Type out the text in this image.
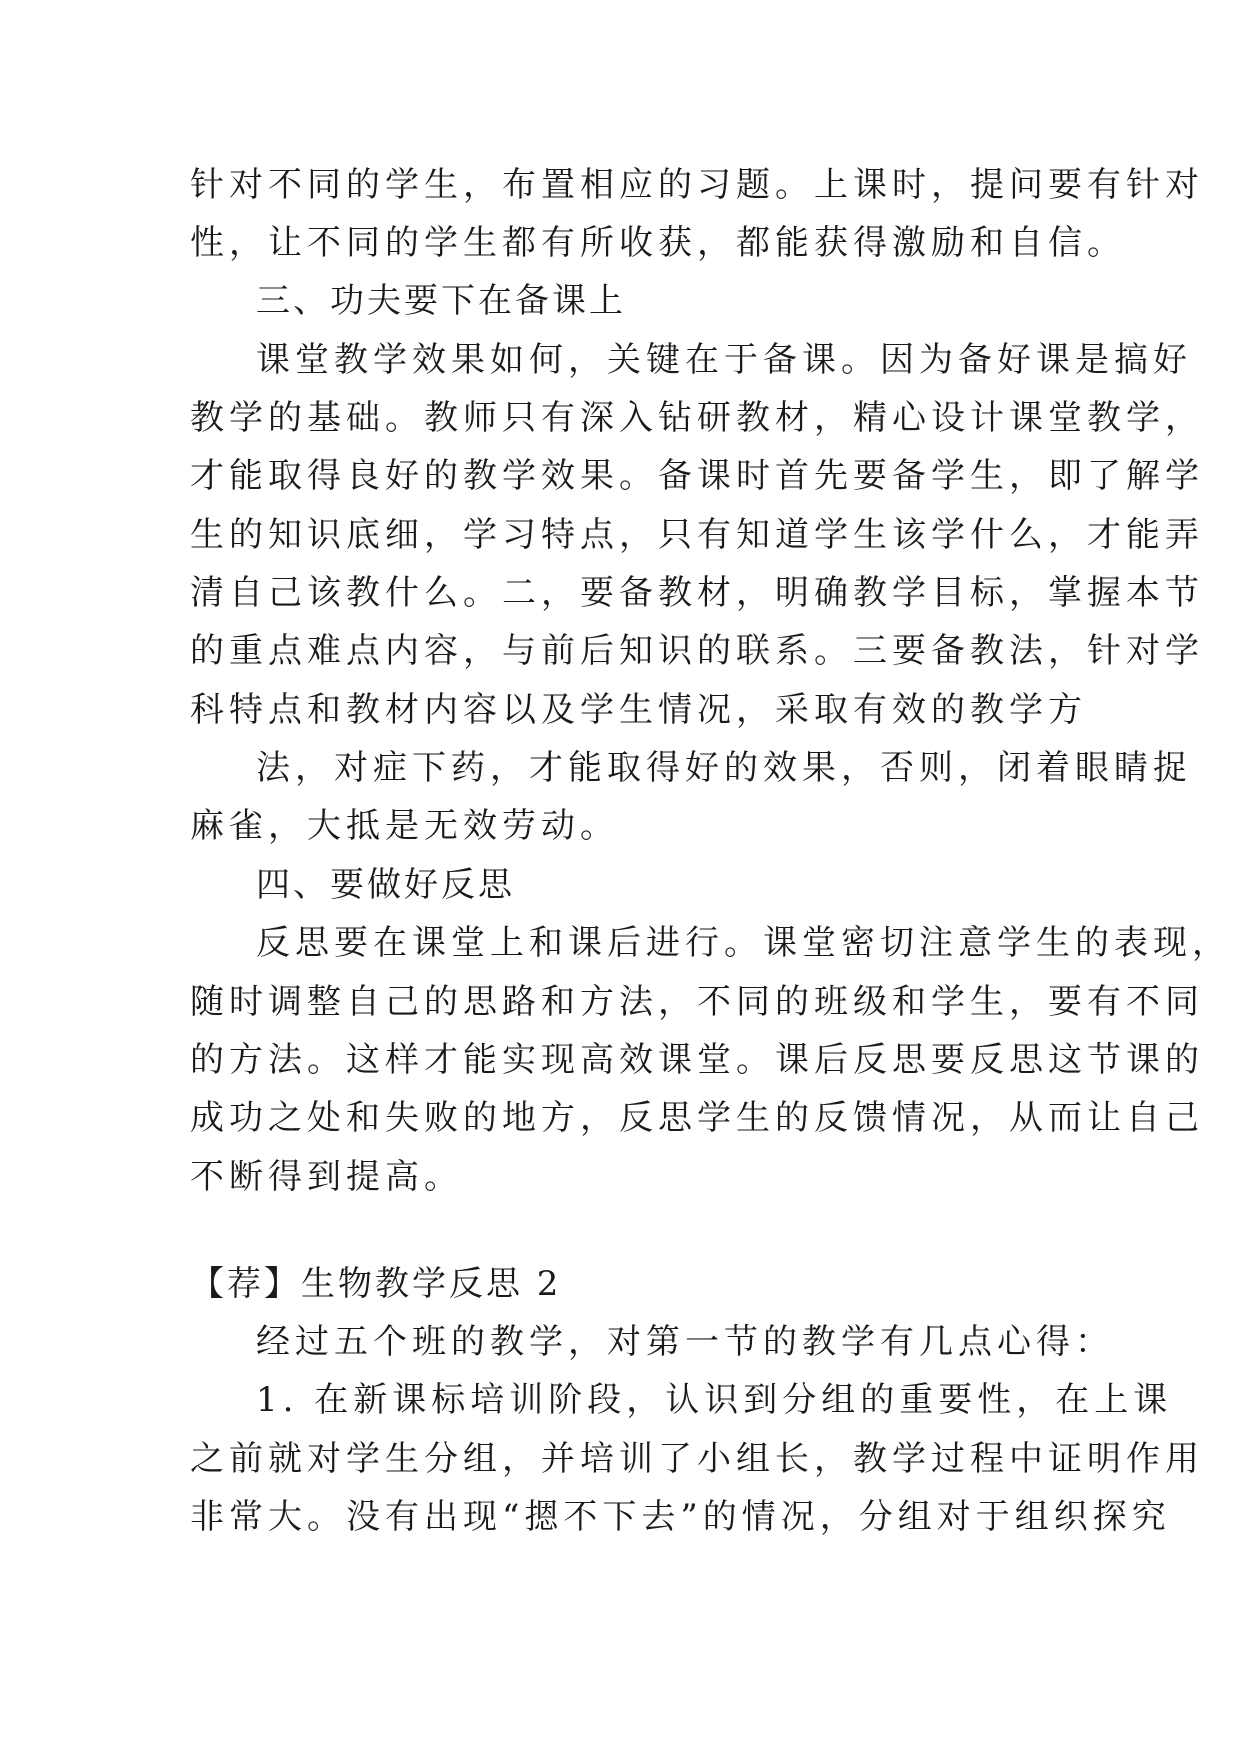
针对不同的学生，布置相应的习题。上课时，提问要有针对
性，让不同的学生都有所收获，都能获得激励和自信。
三、功夫要下在备课上
课堂教学效果如何，关键在于备课。因为备好课是搞好
教学的基础。教师只有深入钻研教材，精心设计课堂教学，
才能取得良好的教学效果。备课时首先要备学生，即了解学
生的知识底细，学习特点，只有知道学生该学什么，才能弄
清自己该教什么。二，要备教材，明确教学目标，掌握本节
的重点难点内容，与前后知识的联系。三要备教法，针对学
科特点和教材内容以及学生情况，采取有效的教学方
法，对症下药，才能取得好的效果，否则，闭着眼睛捉
麻雀，大抵是无效劳动。
四、要做好反思
反思要在课堂上和课后进行。课堂密切注意学生的表现，
随时调整自己的思路和方法，不同的班级和学生，要有不同
的方法。这样才能实现高效课堂。课后反思要反思这节课的
成功之处和失败的地方，反思学生的反馈情况，从而让自己
不断得到提高。
【荐】生物教学反思 2
经过五个班的教学，对第一节的教学有几点心得：
1. 在新课标培训阶段，认识到分组的重要性，在上课
之前就对学生分组，并培训了小组长，教学过程中证明作用
非常大。没有出现“摁不下去”的情况，分组对于组织探究
